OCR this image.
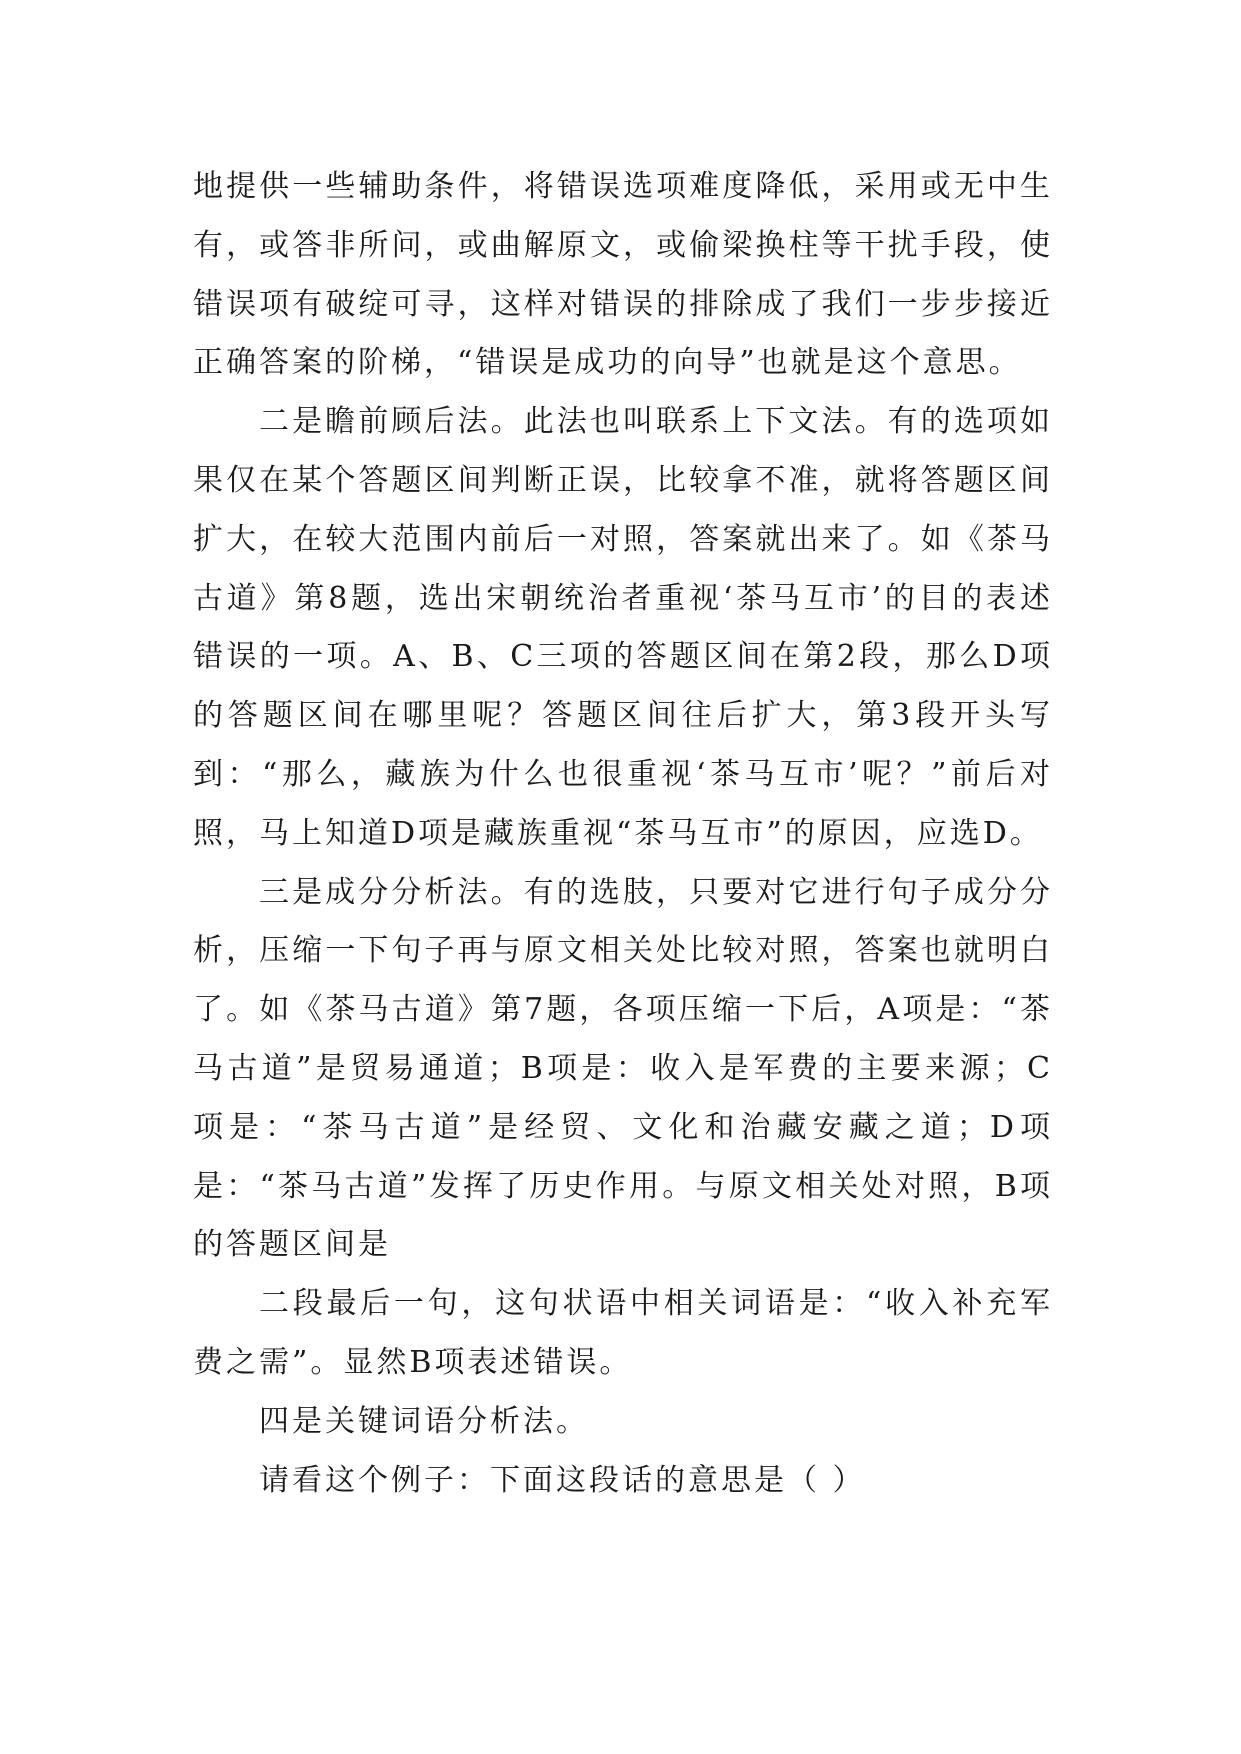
地提供一些辅助条件，将错误选项难度降低，采用或无中生有，或答非所问，或曲解原文，或偷梁换柱等干扰手段，使错误项有破绽可寻，这样对错误的排除成了我们一步步接近正确答案的阶梯，“错误是成功的向导”也就是这个意思。

二是瞻前顾后法。此法也叫联系上下文法。有的选项如果仅在某个答题区间判断正误，比较拿不准，就将答题区间扩大，在较大范围内前后一对照，答案就出来了。如《茶马古道》第8题，选出宋朝统治者重视‘茶马互市’的目的表述错误的一项。A、B、C三项的答题区间在第2段，那么D项的答题区间在哪里呢？答题区间往后扩大，第3段开头写到：“那么，藏族为什么也很重视‘茶马互市’呢？”前后对照，马上知道D项是藏族重视“茶马互市”的原因，应选D。

三是成分分析法。有的选肢，只要对它进行句子成分分析，压缩一下句子再与原文相关处比较对照，答案也就明白了。如《茶马古道》第7题，各项压缩一下后，A项是：“茶马古道”是贸易通道；B项是：收入是军费的主要来源；C项是：“茶马古道”是经贸、文化和治藏安藏之道；D项是：“茶马古道”发挥了历史作用。与原文相关处对照，B项的答题区间是

二段最后一句，这句状语中相关词语是：“收入补充军费之需”。显然B项表述错误。

四是关键词语分析法。

请看这个例子：下面这段话的意思是（ ）
